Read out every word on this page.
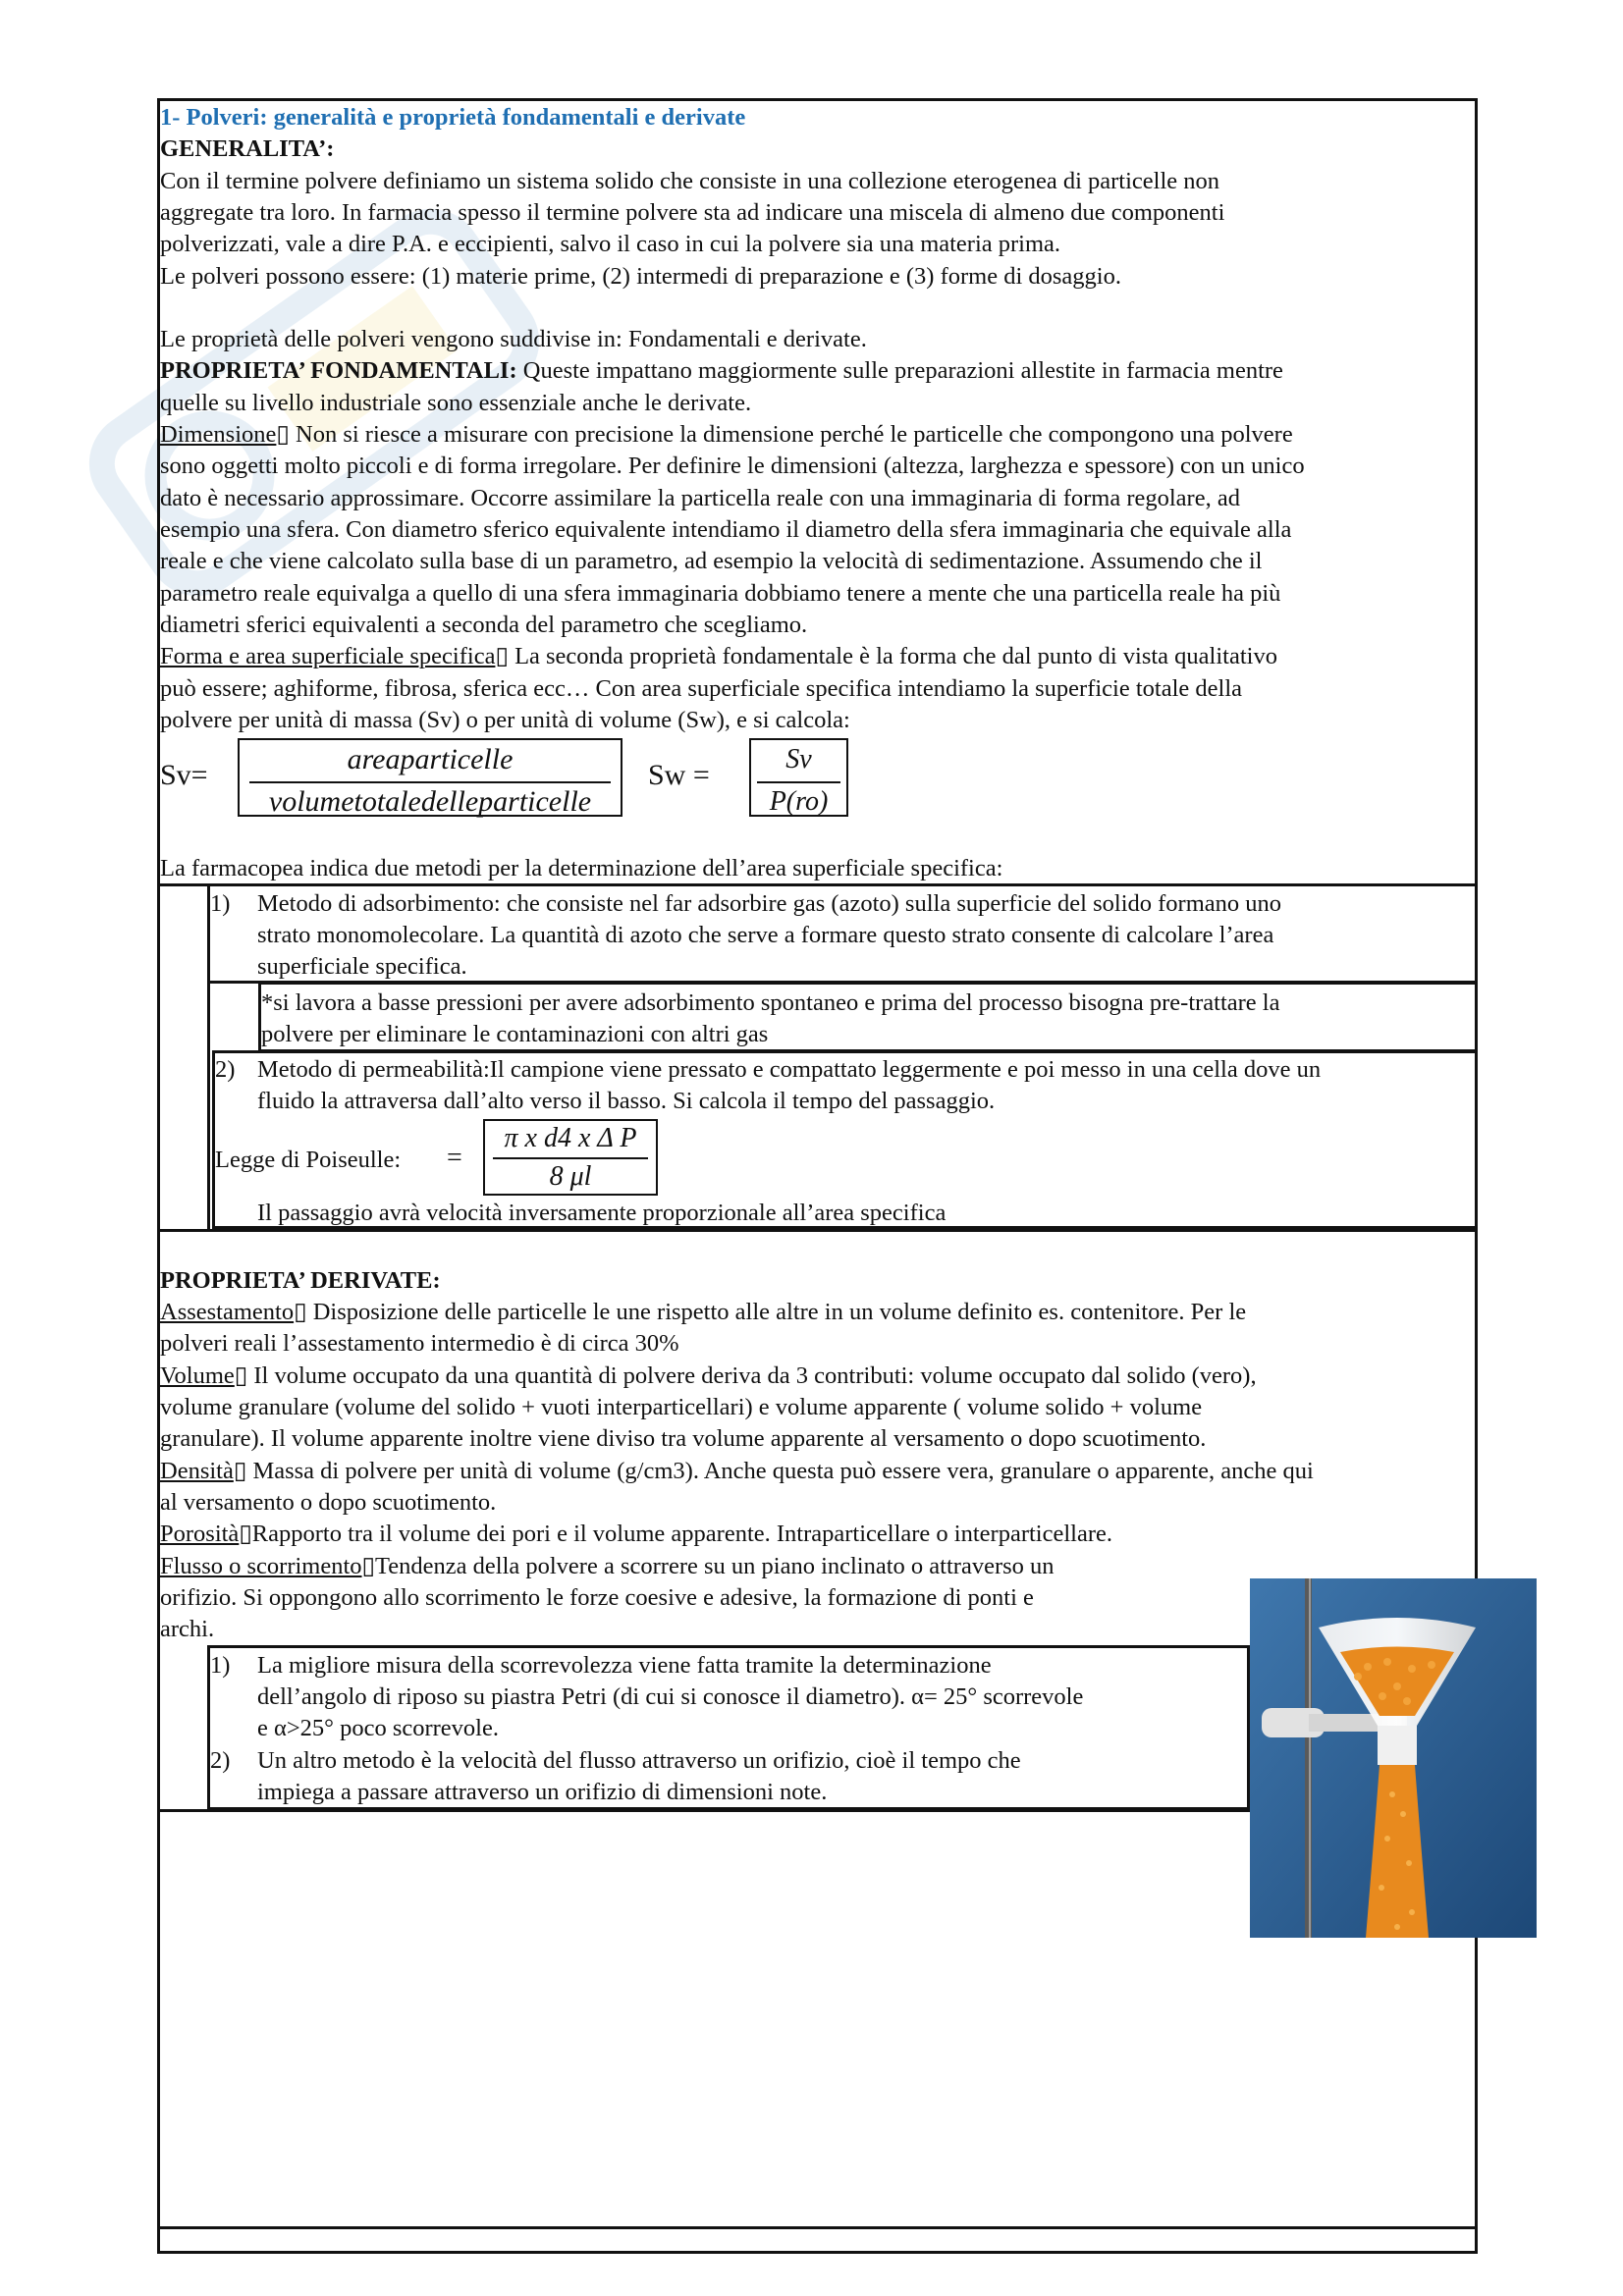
1- Polveri: generalità e proprietà fondamentali e derivate
GENERALITA’:
Con il termine polvere definiamo un sistema solido che consiste in una collezione eterogenea di particelle non
aggregate tra loro. In farmacia spesso il termine polvere sta ad indicare una miscela di almeno due componenti
polverizzati, vale a dire P.A. e eccipienti, salvo il caso in cui la polvere sia una materia prima.
Le polveri possono essere: (1) materie prime, (2) intermedi di preparazione e (3) forme di dosaggio.
Le proprietà delle polveri vengono suddivise in: Fondamentali e derivate.
PROPRIETA’ FONDAMENTALI: Queste impattano maggiormente sulle preparazioni allestite in farmacia mentre
quelle su livello industriale sono essenziale anche le derivate.
Dimensione▯ Non si riesce a misurare con precisione la dimensione perché le particelle che compongono una polvere
sono oggetti molto piccoli e di forma irregolare. Per definire le dimensioni (altezza, larghezza e spessore) con un unico
dato è necessario approssimare. Occorre assimilare la particella reale con una immaginaria di forma regolare, ad
esempio una sfera. Con diametro sferico equivalente intendiamo il diametro della sfera immaginaria che equivale alla
reale e che viene calcolato sulla base di un parametro, ad esempio la velocità di sedimentazione. Assumendo che il
parametro reale equivalga a quello di una sfera immaginaria dobbiamo tenere a mente che una particella reale ha più
diametri sferici equivalenti a seconda del parametro che scegliamo.
Forma e area superficiale specifica▯ La seconda proprietà fondamentale è la forma che dal punto di vista qualitativo
può essere; aghiforme, fibrosa, sferica ecc… Con area superficiale specifica intendiamo la superficie totale della
polvere per unità di massa (Sv) o per unità di volume (Sw), e si calcola:
Sv=	areaparticelle
volumetotaledelleparticelle
Sw =	Sv
P(ro)
La farmacopea indica due metodi per la determinazione dell’area superficiale specifica:
1) Metodo di adsorbimento: che consiste nel far adsorbire gas (azoto) sulla superficie del solido formano uno
strato monomolecolare. La quantità di azoto che serve a formare questo strato consente di calcolare l’area
superficiale specifica.
*si lavora a basse pressioni per avere adsorbimento spontaneo e prima del processo bisogna pre-trattare la
polvere per eliminare le contaminazioni con altri gas
2) Metodo di permeabilità:Il campione viene pressato e compattato leggermente e poi messo in una cella dove un
fluido la attraversa dall’alto verso il basso. Si calcola il tempo del passaggio.
Legge di Poiseulle: =
π x d4 x Δ P
8 μl
Il passaggio avrà velocità inversamente proporzionale all’area specifica
PROPRIETA’ DERIVATE:
Assestamento▯ Disposizione delle particelle le une rispetto alle altre in un volume definito es. contenitore. Per le
polveri reali l’assestamento intermedio è di circa 30%
Volume▯ Il volume occupato da una quantità di polvere deriva da 3 contributi: volume occupato dal solido (vero),
volume granulare (volume del solido + vuoti interparticellari) e volume apparente ( volume solido + volume
granulare). Il volume apparente inoltre viene diviso tra volume apparente al versamento o dopo scuotimento.
Densità▯ Massa di polvere per unità di volume (g/cm3). Anche questa può essere vera, granulare o apparente, anche qui
al versamento o dopo scuotimento.
Porosità▯Rapporto tra il volume dei pori e il volume apparente. Intraparticellare o interparticellare.
Flusso o scorrimento▯Tendenza della polvere a scorrere su un piano inclinato o attraverso un
orifizio. Si oppongono allo scorrimento le forze coesive e adesive, la formazione di ponti e
archi.
1) La migliore misura della scorrevolezza viene fatta tramite la determinazione
dell’angolo di riposo su piastra Petri (di cui si conosce il diametro). α= 25° scorrevole
e α>25° poco scorrevole.
2) Un altro metodo è la velocità del flusso attraverso un orifizio, cioè il tempo che
impiega a passare attraverso un orifizio di dimensioni note.
